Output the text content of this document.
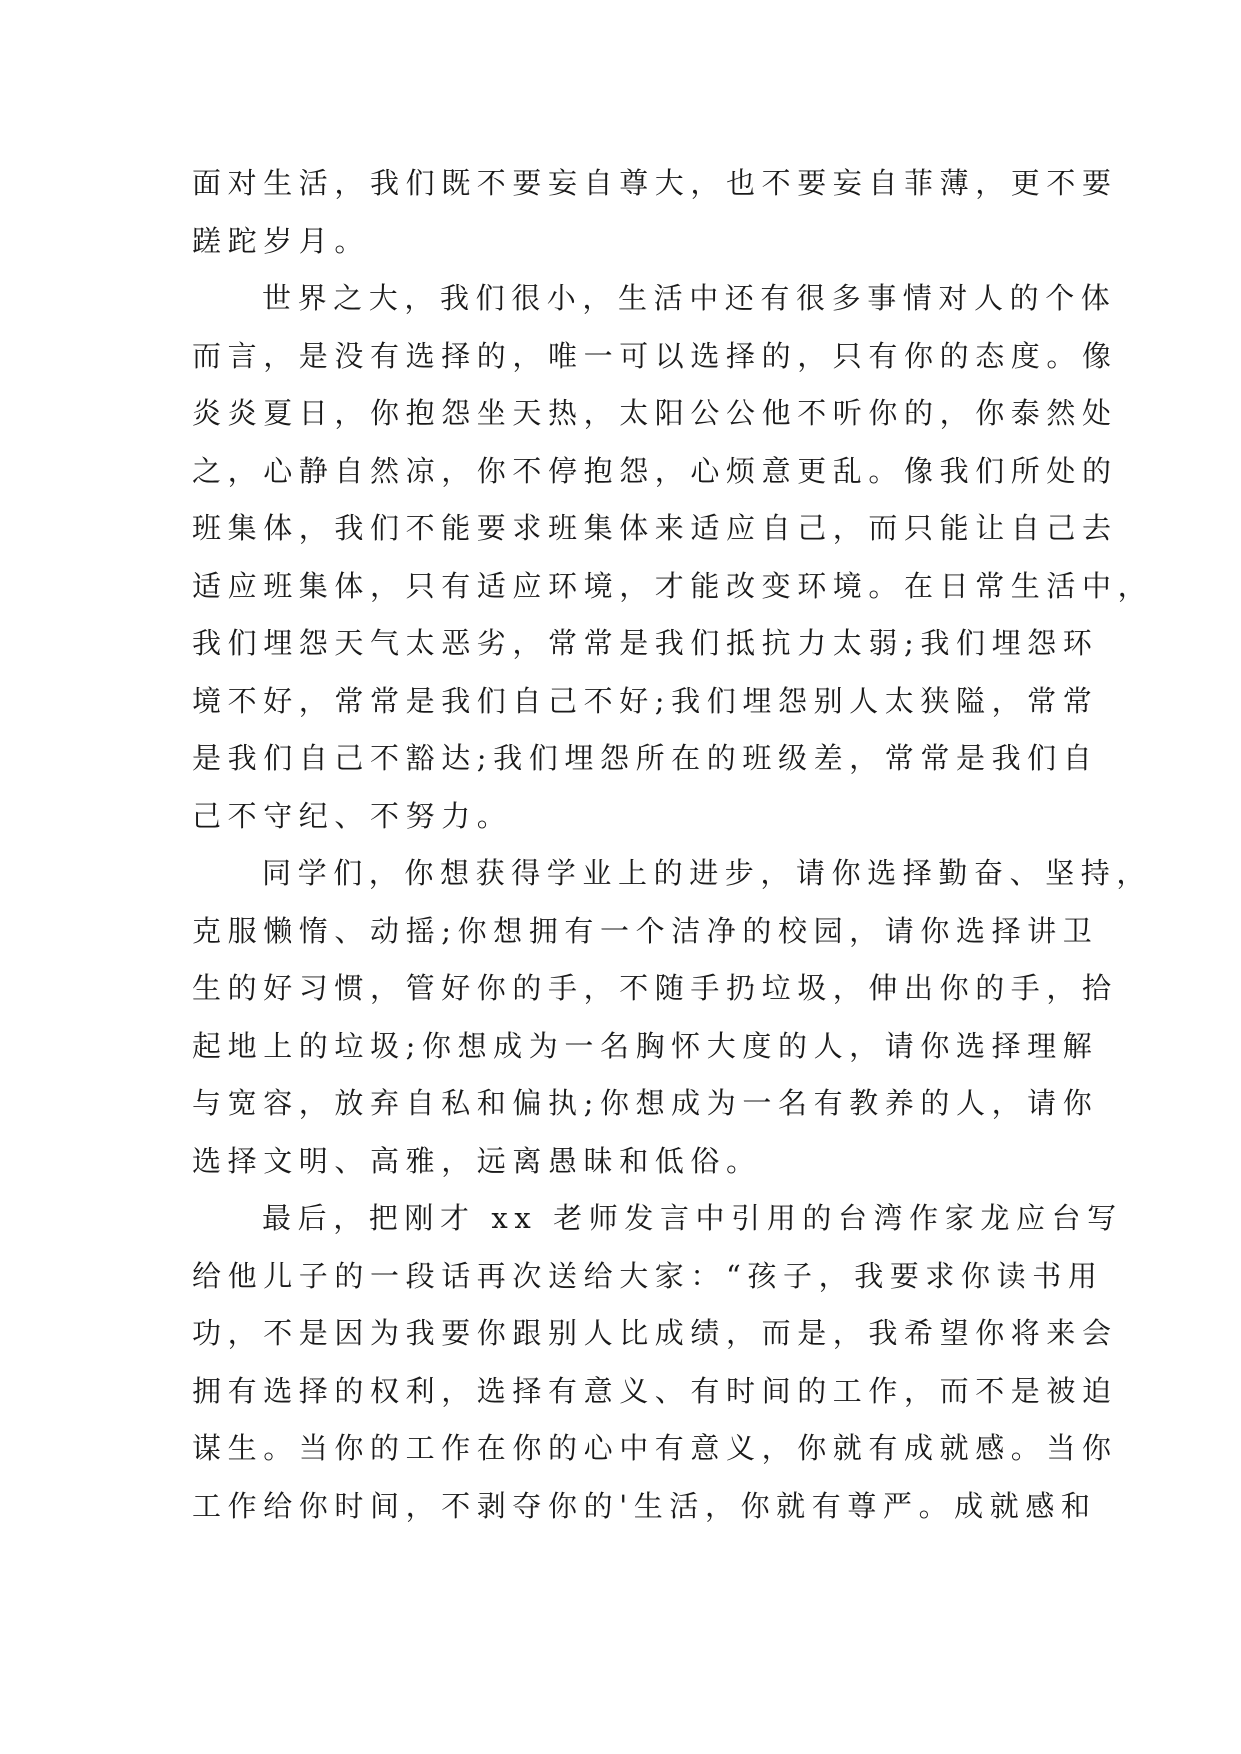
面对生活，我们既不要妄自尊大，也不要妄自菲薄，更不要
蹉跎岁月。
世界之大，我们很小，生活中还有很多事情对人的个体
而言，是没有选择的，唯一可以选择的，只有你的态度。像
炎炎夏日，你抱怨坐天热，太阳公公他不听你的，你泰然处
之，心静自然凉，你不停抱怨，心烦意更乱。像我们所处的
班集体，我们不能要求班集体来适应自己，而只能让自己去
适应班集体，只有适应环境，才能改变环境。在日常生活中，
我们埋怨天气太恶劣，常常是我们抵抗力太弱;我们埋怨环
境不好，常常是我们自己不好;我们埋怨别人太狭隘，常常
是我们自己不豁达;我们埋怨所在的班级差，常常是我们自
己不守纪、不努力。
同学们，你想获得学业上的进步，请你选择勤奋、坚持，
克服懒惰、动摇;你想拥有一个洁净的校园，请你选择讲卫
生的好习惯，管好你的手，不随手扔垃圾，伸出你的手，拾
起地上的垃圾;你想成为一名胸怀大度的人，请你选择理解
与宽容，放弃自私和偏执;你想成为一名有教养的人，请你
选择文明、高雅，远离愚昧和低俗。
最后，把刚才 xx 老师发言中引用的台湾作家龙应台写
给他儿子的一段话再次送给大家：“孩子，我要求你读书用
功，不是因为我要你跟别人比成绩，而是，我希望你将来会
拥有选择的权利，选择有意义、有时间的工作，而不是被迫
谋生。当你的工作在你的心中有意义，你就有成就感。当你
工作给你时间，不剥夺你的'生活，你就有尊严。成就感和
